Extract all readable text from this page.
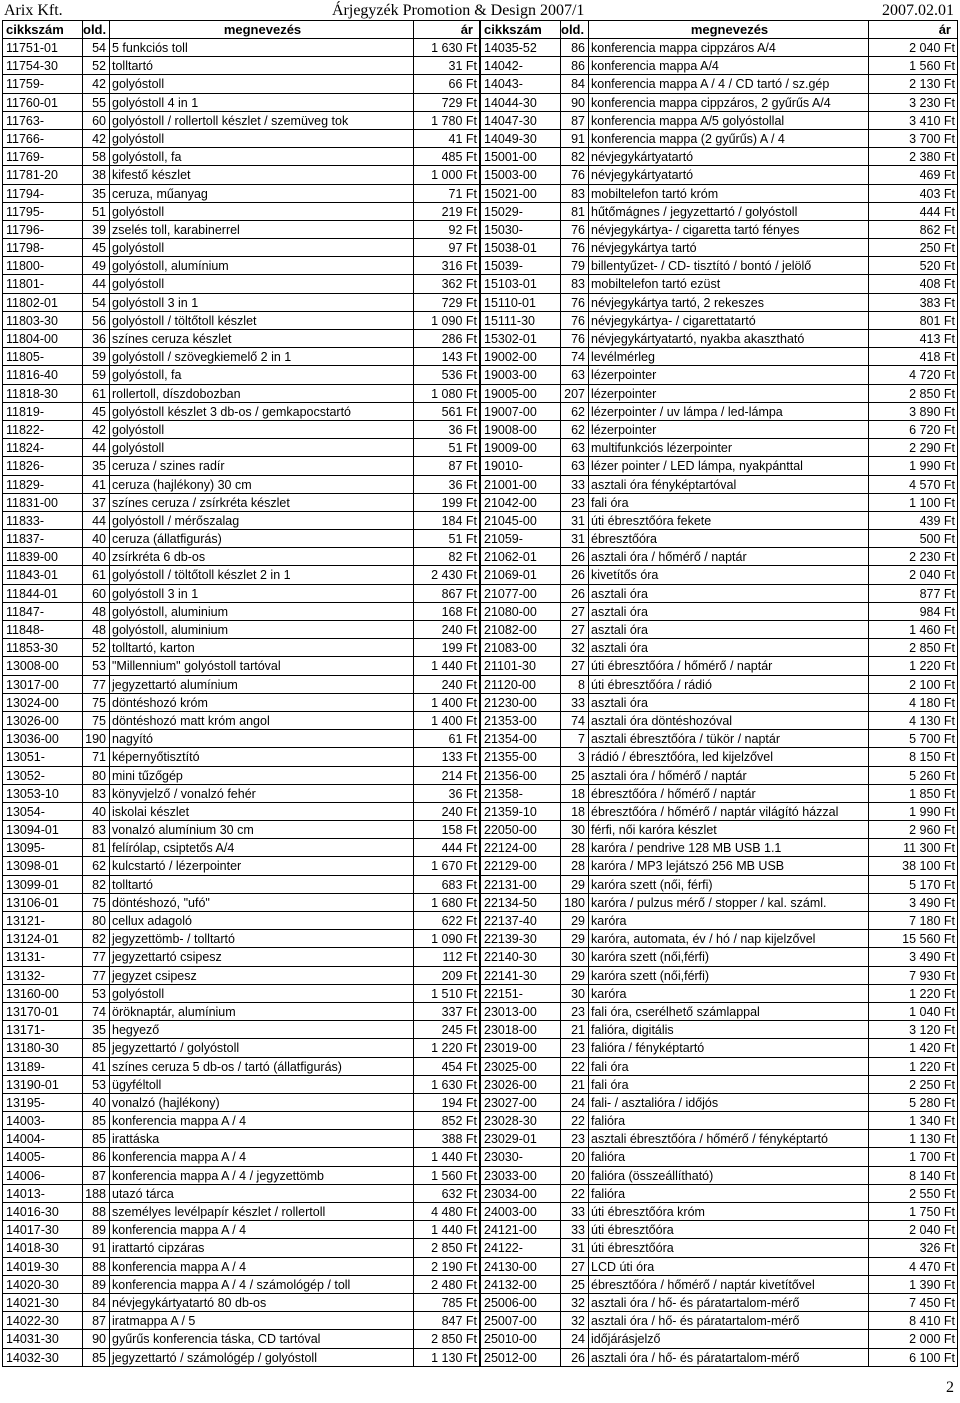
Arix Kft.	Árjegyzék Promotion & Design 2007/1	2007.02.01
cikkszám	old.	megnevezés	ár
11751-01	54 5 funkciós toll	1 630 Ft
11754-30	52 tolltartó	31 Ft
11759-	42 golyóstoll	66 Ft
11760-01	55 golyóstoll 4 in 1	729 Ft
11763-	60 golyóstoll / rollertoll készlet / szemüveg tok	1 780 Ft
11766-	42 golyóstoll	41 Ft
11769-	58 golyóstoll, fa	485 Ft
11781-20	38 kifestő készlet	1 000 Ft
11794-	35 ceruza, műanyag	71 Ft
11795-	51 golyóstoll	219 Ft
11796-	39 zselés toll, karabinerrel	92 Ft
11798-	45 golyóstoll	97 Ft
11800-	49 golyóstoll, alumínium	316 Ft
11801-	44 golyóstoll	362 Ft
11802-01	54 golyóstoll 3 in 1	729 Ft
11803-30	56 golyóstoll / töltőtoll készlet	1 090 Ft
11804-00	36 színes ceruza készlet	286 Ft
11805-	39 golyóstoll / szövegkiemelő 2 in 1	143 Ft
11816-40	59 golyóstoll, fa	536 Ft
11818-30	61 rollertoll, díszdobozban	1 080 Ft
11819-	45 golyóstoll készlet 3 db-os / gemkapocstartó	561 Ft
11822-	42 golyóstoll	36 Ft
11824-	44 golyóstoll	51 Ft
11826-	35 ceruza / szines radír	87 Ft
11829-	41 ceruza (hajlékony) 30 cm	36 Ft
11831-00	37 színes ceruza / zsírkréta készlet	199 Ft
11833-	44 golyóstoll / mérőszalag	184 Ft
11837-	40 ceruza (állatfigurás)	51 Ft
11839-00	40 zsírkréta 6 db-os	82 Ft
11843-01	61 golyóstoll / töltőtoll készlet 2 in 1	2 430 Ft
11844-01	60 golyóstoll 3 in 1	867 Ft
11847-	48 golyóstoll, aluminium	168 Ft
11848-	48 golyóstoll, aluminium	240 Ft
11853-30	52 tolltartó, karton	199 Ft
13008-00	53 "Millennium" golyóstoll tartóval	1 440 Ft
13017-00	77 jegyzettartó alumínium	240 Ft
13024-00	75 döntéshozó króm	1 400 Ft
13026-00	75 döntéshozó matt króm angol	1 400 Ft
13036-00	190 nagyító	61 Ft
13051-	71 képernyőtisztító	133 Ft
13052-	80 mini tűzőgép	214 Ft
13053-10	83 könyvjelző / vonalzó fehér	36 Ft
13054-	40 iskolai készlet	240 Ft
13094-01	83 vonalzó alumínium 30 cm	158 Ft
13095-	81 felírólap, csiptetős A/4	444 Ft
13098-01	62 kulcstartó / lézerpointer	1 670 Ft
13099-01	82 tolltartó	683 Ft
13106-01	75 döntéshozó, "ufó"	1 680 Ft
13121-	80 cellux adagoló	622 Ft
13124-01	82 jegyzettömb- / tolltartó	1 090 Ft
13131-	77 jegyzettartó csipesz	112 Ft
13132-	77 jegyzet csipesz	209 Ft
13160-00	53 golyóstoll	1 510 Ft
13170-01	74 öröknaptár, alumínium	337 Ft
13171-	35 hegyező	245 Ft
13180-30	85 jegyzettartó / golyóstoll	1 220 Ft
13189-	41 színes ceruza 5 db-os / tartó (állatfigurás)	454 Ft
13190-01	53 ügyféltoll	1 630 Ft
13195-	40 vonalzó (hajlékony)	194 Ft
14003-	85 konferencia mappa A / 4	852 Ft
14004-	85 irattáska	388 Ft
14005-	86 konferencia mappa A / 4	1 440 Ft
14006-	87 konferencia mappa A / 4 / jegyzettömb	1 560 Ft
14013-	188 utazó tárca	632 Ft
14016-30	88 személyes levélpapír készlet / rollertoll	4 480 Ft
14017-30	89 konferencia mappa A / 4	1 440 Ft
14018-30	91 irattartó cipzáras	2 850 Ft
14019-30	88 konferencia mappa A / 4	2 190 Ft
14020-30	89 konferencia mappa A / 4 / számológép / toll	2 480 Ft
14021-30	84 névjegykártyatartó 80 db-os	785 Ft
14022-30	87 iratmappa A / 5	847 Ft
14031-30	90 gyűrűs konferencia táska, CD tartóval	2 850 Ft
14032-30	85 jegyzettartó / számológép / golyóstoll	1 130 Ft
cikkszám	old.	megnevezés	ár
14035-52	86 konferencia mappa cippzáros A/4	2 040 Ft
14042-	86 konferencia mappa A/4	1 560 Ft
14043-	84 konferencia mappa A / 4 / CD tartó / sz.gép	2 130 Ft
14044-30	90 konferencia mappa cippzáros, 2 gyűrűs A/4	3 230 Ft
14047-30	87 konferencia mappa A/5 golyóstollal	3 410 Ft
14049-30	91 konferencia mappa (2 gyűrűs) A / 4	3 700 Ft
15001-00	82 névjegykártyatartó	2 380 Ft
15003-00	76 névjegykártyatartó	469 Ft
15021-00	83 mobiltelefon tartó króm	403 Ft
15029-	81 hűtőmágnes / jegyzettartó / golyóstoll	444 Ft
15030-	76 névjegykártya- / cigaretta tartó fényes	862 Ft
15038-01	76 névjegykártya tartó	250 Ft
15039-	79 billentyűzet- / CD- tisztító / bontó / jelölő	520 Ft
15103-01	83 mobiltelefon tartó ezüst	408 Ft
15110-01	76 névjegykártya tartó, 2 rekeszes	383 Ft
15111-30	76 névjegykártya- / cigarettatartó	801 Ft
15302-01	76 névjegykártyatartó, nyakba akasztható	413 Ft
19002-00	74 levélmérleg	418 Ft
19003-00	63 lézerpointer	4 720 Ft
19005-00	207 lézerpointer	2 850 Ft
19007-00	62 lézerpointer / uv lámpa / led-lámpa	3 890 Ft
19008-00	62 lézerpointer	6 720 Ft
19009-00	63 multifunkciós lézerpointer	2 290 Ft
19010-	63 lézer pointer / LED lámpa, nyakpánttal	1 990 Ft
21001-00	33 asztali óra fényképtartóval	4 570 Ft
21042-00	23 fali óra	1 100 Ft
21045-00	31 úti ébresztőóra fekete	439 Ft
21059-	31 ébresztőóra	500 Ft
21062-01	26 asztali óra / hőmérő / naptár	2 230 Ft
21069-01	26 kivetítős óra	2 040 Ft
21077-00	26 asztali óra	877 Ft
21080-00	27 asztali óra	984 Ft
21082-00	27 asztali óra	1 460 Ft
21083-00	32 asztali óra	2 850 Ft
21101-30	27 úti ébresztőóra / hőmérő / naptár	1 220 Ft
21120-00	8 úti ébresztőóra / rádió	2 100 Ft
21230-00	33 asztali óra	4 180 Ft
21353-00	74 asztali óra döntéshozóval	4 130 Ft
21354-00	7 asztali ébresztőóra / tükör / naptár	5 700 Ft
21355-00	3 rádió / ébresztőóra, led kijelzővel	8 150 Ft
21356-00	25 asztali óra / hőmérő / naptár	5 260 Ft
21358-	18 ébresztőóra / hőmérő / naptár	1 850 Ft
21359-10	18 ébresztőóra / hőmérő / naptár világító házzal	1 990 Ft
22050-00	30 férfi, női karóra készlet	2 960 Ft
22124-00	28 karóra / pendrive 128 MB USB 1.1	11 300 Ft
22129-00	28 karóra / MP3 lejátszó 256 MB USB	38 100 Ft
22131-00	29 karóra szett (női, férfi)	5 170 Ft
22134-50	180 karóra / pulzus mérő / stopper / kal. száml.	3 490 Ft
22137-40	29 karóra	7 180 Ft
22139-30	29 karóra, automata, év / hó / nap kijelzővel	15 560 Ft
22140-30	30 karóra szett (női,férfi)	3 490 Ft
22141-30	29 karóra szett (női,férfi)	7 930 Ft
22151-	30 karóra	1 220 Ft
23013-00	23 fali óra, cserélhető számlappal	1 040 Ft
23018-00	21 falióra, digitális	3 120 Ft
23019-00	23 falióra / fényképtartó	1 420 Ft
23025-00	22 fali óra	1 220 Ft
23026-00	21 fali óra	2 250 Ft
23027-00	24 fali- / asztalióra / időjós	5 280 Ft
23028-30	22 falióra	1 340 Ft
23029-01	23 asztali ébresztőóra / hőmérő / fényképtartó	1 130 Ft
23030-	20 falióra	1 700 Ft
23033-00	20 falióra (összeállítható)	8 140 Ft
23034-00	22 falióra	2 550 Ft
24003-00	33 úti ébresztőóra króm	1 750 Ft
24121-00	33 úti ébresztőóra	2 040 Ft
24122-	31 úti ébresztőóra	326 Ft
24130-00	27 LCD úti óra	4 470 Ft
24132-00	25 ébresztőóra / hőmérő / naptár kivetítővel	1 390 Ft
25006-00	32 asztali óra / hő- és páratartalom-mérő	7 450 Ft
25007-00	32 asztali óra / hő- és páratartalom-mérő	8 410 Ft
25010-00	24 időjárásjelző	2 000 Ft
25012-00	26 asztali óra / hő- és páratartalom-mérő	6 100 Ft
2
